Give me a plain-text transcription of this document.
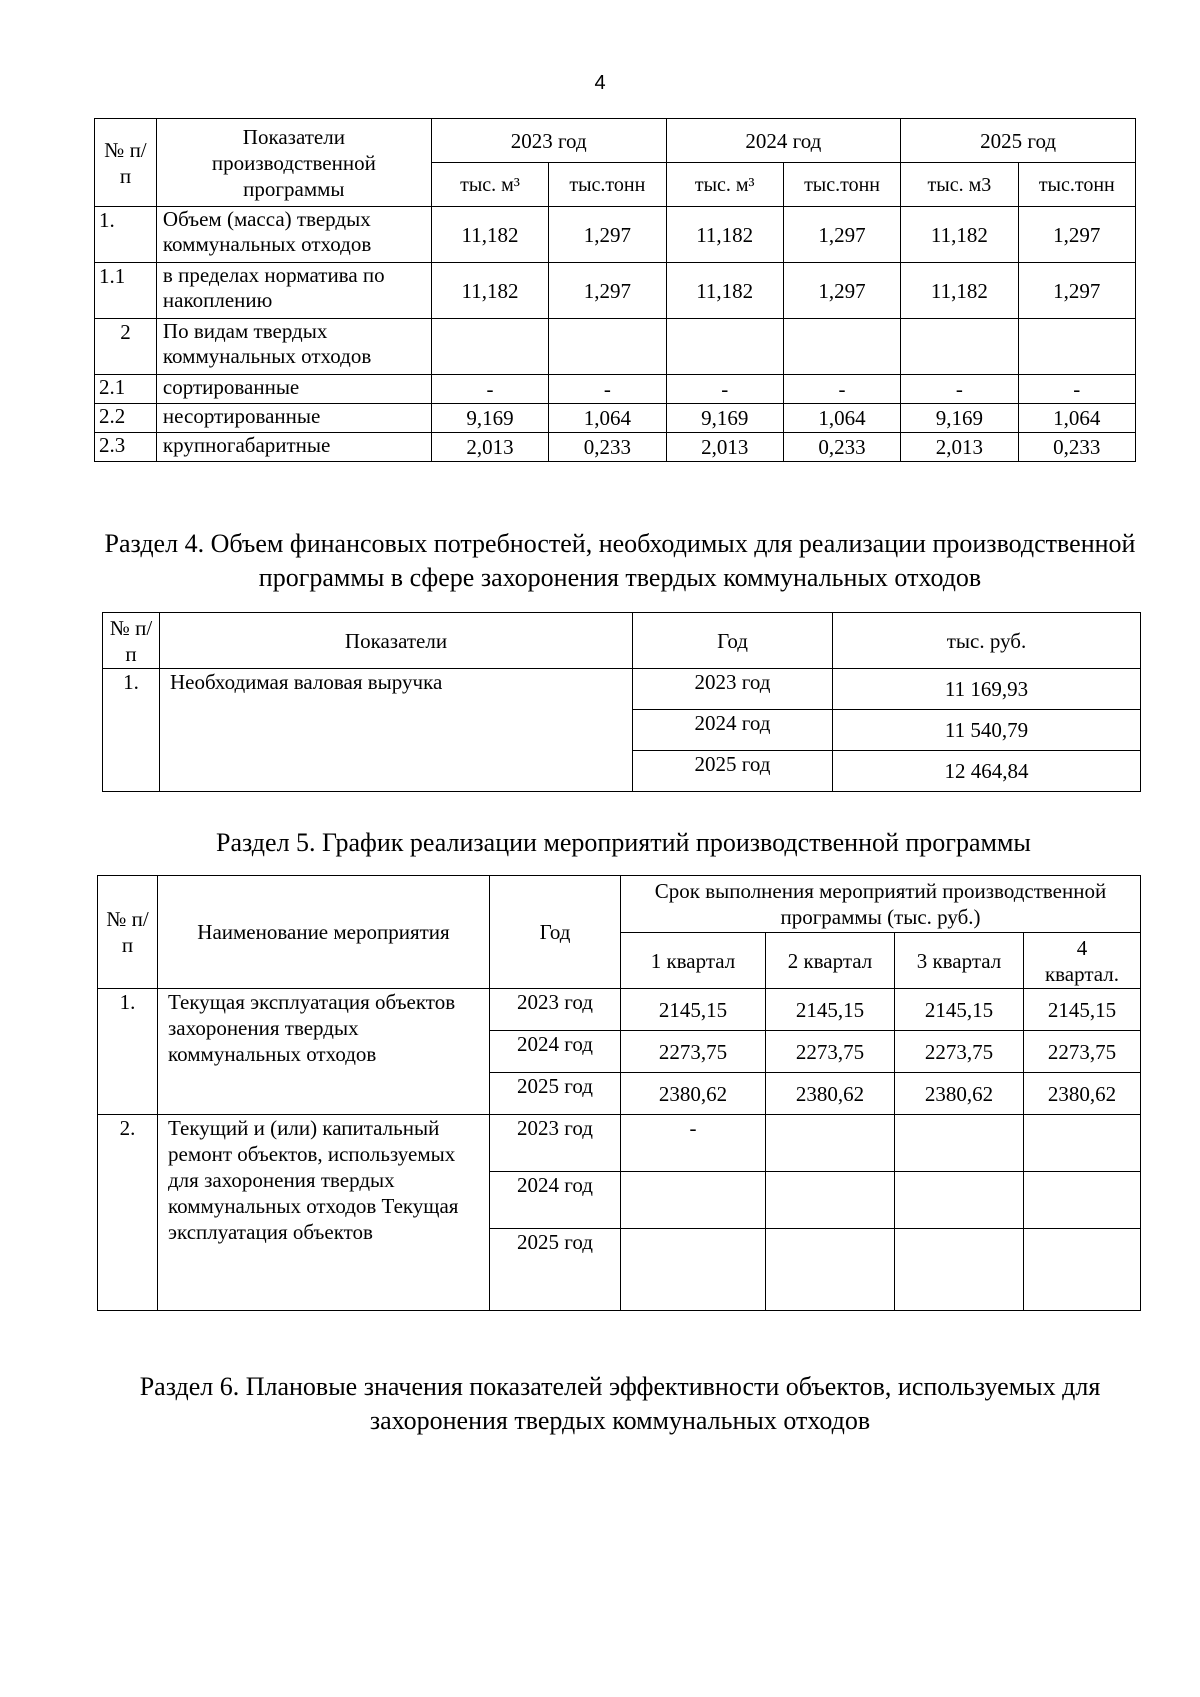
4
№ п/п	Показатели производственной программы	2023 год		2024 год		2025 год	
		тыс. м³	тыс.тонн	тыс. м³	тыс.тонн	тыс. м3	тыс.тонн
1.	Объем (масса) твердых коммунальных отходов	11,182	1,297	11,182	1,297	11,182	1,297
1.1	в пределах норматива по накоплению	11,182	1,297	11,182	1,297	11,182	1,297
2	По видам твердых коммунальных отходов						
2.1	сортированные	-	-	-	-	-	-
2.2	несортированные	9,169	1,064	9,169	1,064	9,169	1,064
2.3	крупногабаритные	2,013	0,233	2,013	0,233	2,013	0,233
Раздел 4. Объем финансовых потребностей, необходимых для реализации производственной программы в сфере захоронения твердых коммунальных отходов
№ п/п	Показатели	Год	тыс. руб.
1.	Необходимая валовая выручка	2023 год	11 169,93
		2024 год	11 540,79
		2025 год	12 464,84
Раздел 5. График реализации мероприятий производственной программы
№ п/п	Наименование мероприятия	Год	Срок выполнения мероприятий производственной программы (тыс. руб.)			
			1 квартал	2 квартал	3 квартал	4 квартал.
1.	Текущая эксплуатация объектов захоронения твердых коммунальных отходов	2023 год	2145,15	2145,15	2145,15	2145,15
		2024 год	2273,75	2273,75	2273,75	2273,75
		2025 год	2380,62	2380,62	2380,62	2380,62
2.	Текущий и (или) капитальный ремонт объектов, используемых для захоронения твердых коммунальных отходов Текущая эксплуатация объектов	2023 год	-			
		2024 год				
		2025 год				
Раздел 6. Плановые значения показателей эффективности объектов, используемых для захоронения твердых коммунальных отходов
